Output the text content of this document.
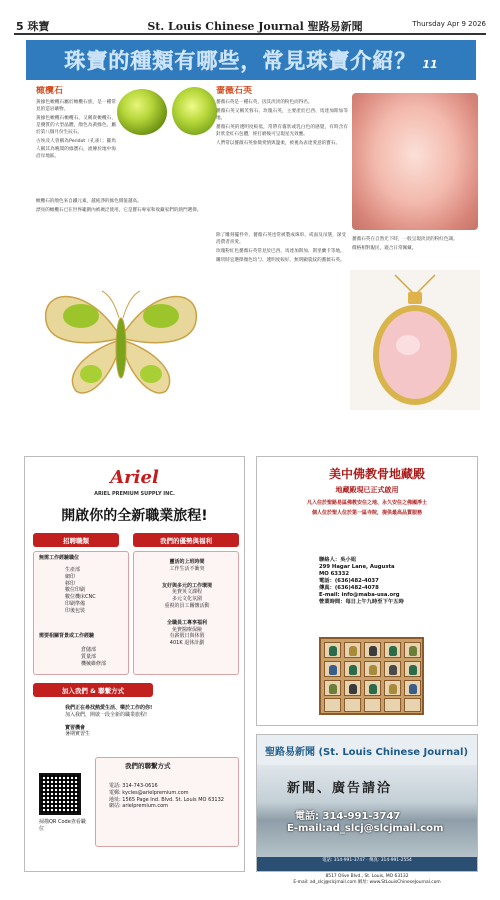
5 珠寶	St. Louis Chinese Journal 聖路易新聞	Thursday Apr 9 2026
珠寶的種類有哪些，常見珠寶介紹？ 11
橄欖石

黃綠色橄欖石屬於橄欖石族，是一種常見的造岩礦物。

黃綠色橄欖石橄欖石，又稱貴橄欖石，是優質的大型晶體，顏色為黃綠色，屬於第八個月份生辰石。

古埃及人曾稱為Peridot（孔雀）；羅馬人稱其為晚間的綠寶石，流傳於地中海沿岸地區。

橄欖石的顏色來自鐵元素，越純淨的綠色價值越高。

漂亮的橄欖石已在世界範圍內被廣泛使用，它是寶石專家和收藏家們的熱門選擇。

薔薇石英

薔薇石英是一種石英，因其淡淡的粉色而得名。

薔薇石英又稱芙蓉石、玫瑰石英，主要產於巴西、馬達加斯加等地。

薔薇石英的透明度較低，常帶有霧狀或乳白色的感覺，有時含有針狀金紅石包體，經打磨後可呈現星光效應。

人們常以薔薇石英象徵愛情與溫柔，被視為表達愛意的寶石。

除了雕刻擺件外，薔薇石英也常被製成珠串、戒面及吊墜，深受消費者喜愛。

玫瑰粉紅色薔薇石英常見於巴西、馬達加斯加、斯里蘭卡等地。

購買時宜選擇顏色均勻、透明度較好、無明顯裂紋的薔薇石英。

薔薇石英在自然光下時，一般呈現淡淡的粉紅色調。

價格相對親民，適合日常佩戴。

Ariel
ARIEL PREMIUM SUPPLY INC.
開啟你的全新職業旅程!
招聘職類	我們的優勢與福利
無需工作經驗職位
生產部
網印
移印
數位印刷
數位機床CNC
印刷準備
印後包裝
需要相關背景或工作經驗
倉儲部
質量部
機械維修部
靈活的上班時間
工作生活不衝突
友好與多元的工作環境
免費英文課程
多元文化氛圍
重視的員工關懷活動
全職員工專享福利
免費醫療保險
有薪假日與休假
401K 退休計劃
加入我們 & 聯繫方式
我們正在尋找熱愛生活、樂於工作的你!
加入我們，開啟一段全新的職業旅程!
實習機會
暑期實習生
掃描QR Code查看職位
我們的聯繫方式
電話: 314-743-0616
電郵: kycles@arielpremium.com
地址: 1565 Page Ind. Blvd. St. Louis MO 63132
網站: arielpremium.com
美中佛教骨地藏殿
地藏殿現已正式啟用
凡入住於聖路易區佛教安住之地、永久安住之佛國淨土
個人位於聖人位於第一區寺院，提供最高品質服務
聯絡人：吳小姐
299 Hagar Lane, Augusta
MO 63332
電話：(636)482-4037
傳真：(636)482-4078
E-mail: info@maba-usa.org
營業時間：每日上午九時至下午五時
聖路易新聞 (St. Louis Chinese Journal)
新聞、廣告請洽
電話: 314-991-3747
E-mail:ad_slcj@slcjmail.com
電話: 314-991-3747 · 傳真: 314-991-2554
8517 Olive Blvd., St. Louis, MO 63132
E-mail: ad_slcj@slcjmail.com 網址: www.StLouisChineseJournal.com
